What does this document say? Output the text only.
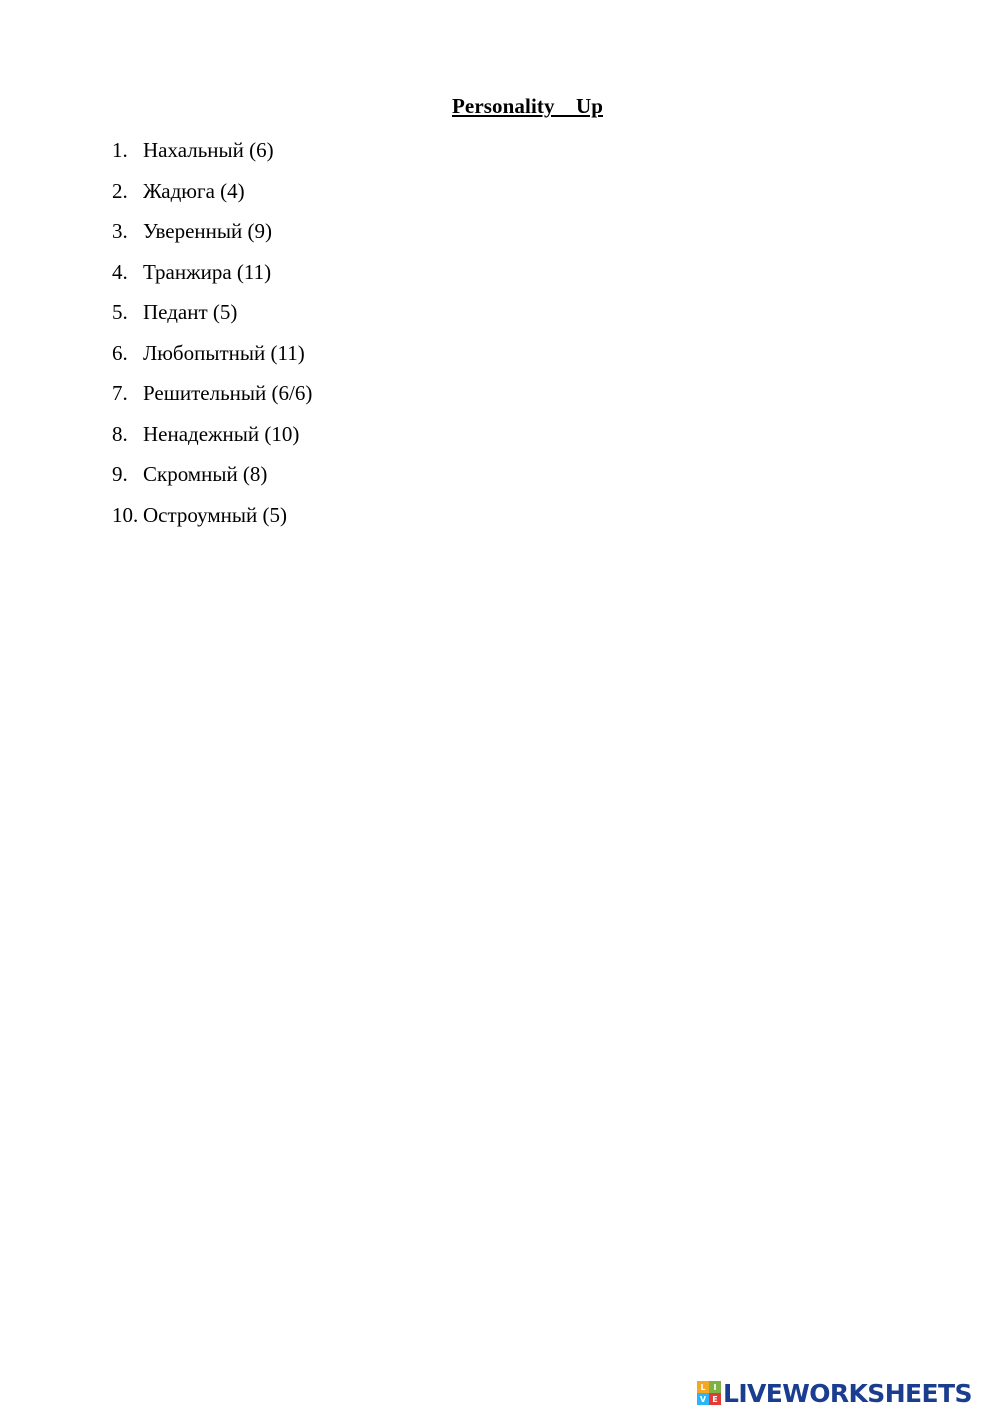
Personality    Up
1. Нахальный (6)
2. Жадюга (4)
3. Уверенный (9)
4. Транжира (11)
5. Педант (5)
6. Любопытный (11)
7. Решительный (6/6)
8. Ненадежный (10)
9. Скромный (8)
10. Остроумный (5)
L I
V E LIVEWORKSHEETS
